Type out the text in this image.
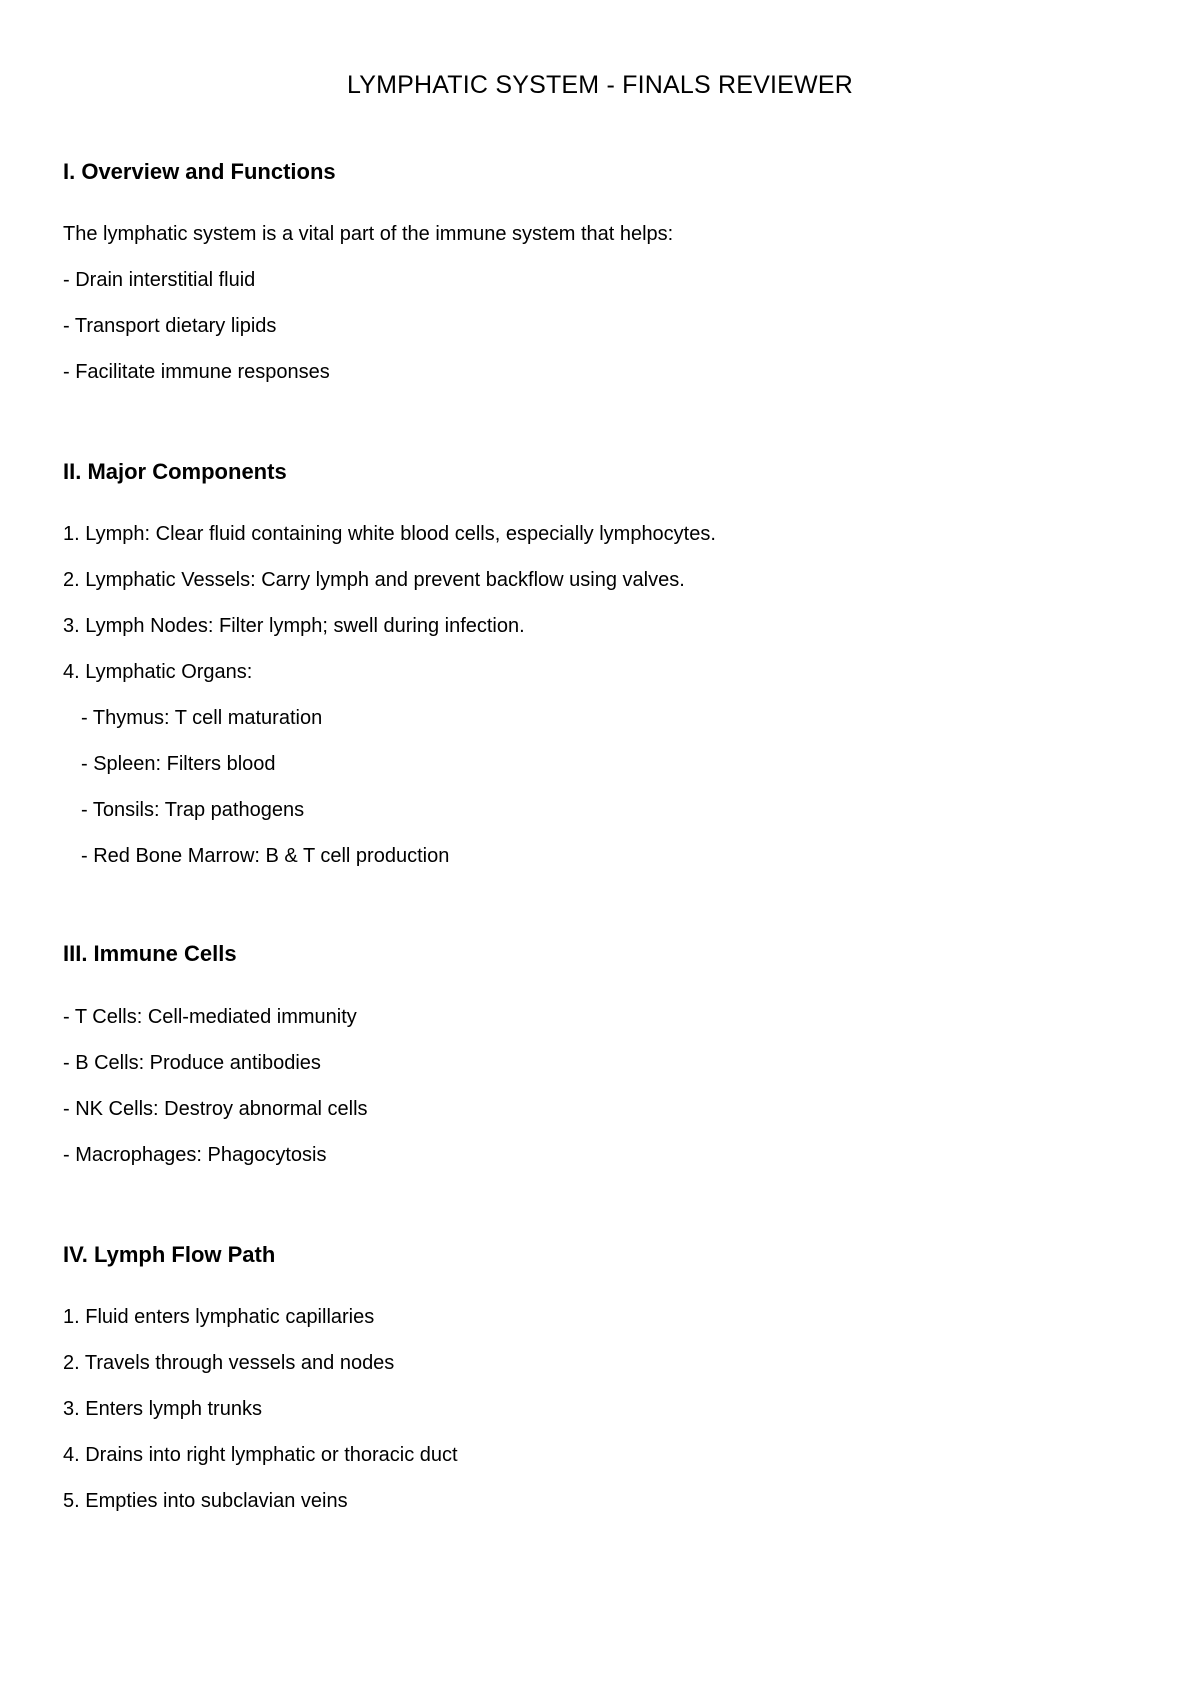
LYMPHATIC SYSTEM - FINALS REVIEWER
I. Overview and Functions
The lymphatic system is a vital part of the immune system that helps:
- Drain interstitial fluid
- Transport dietary lipids
- Facilitate immune responses
II. Major Components
1. Lymph: Clear fluid containing white blood cells, especially lymphocytes.
2. Lymphatic Vessels: Carry lymph and prevent backflow using valves.
3. Lymph Nodes: Filter lymph; swell during infection.
4. Lymphatic Organs:
- Thymus: T cell maturation
- Spleen: Filters blood
- Tonsils: Trap pathogens
- Red Bone Marrow: B & T cell production
III. Immune Cells
- T Cells: Cell-mediated immunity
- B Cells: Produce antibodies
- NK Cells: Destroy abnormal cells
- Macrophages: Phagocytosis
IV. Lymph Flow Path
1. Fluid enters lymphatic capillaries
2. Travels through vessels and nodes
3. Enters lymph trunks
4. Drains into right lymphatic or thoracic duct
5. Empties into subclavian veins
